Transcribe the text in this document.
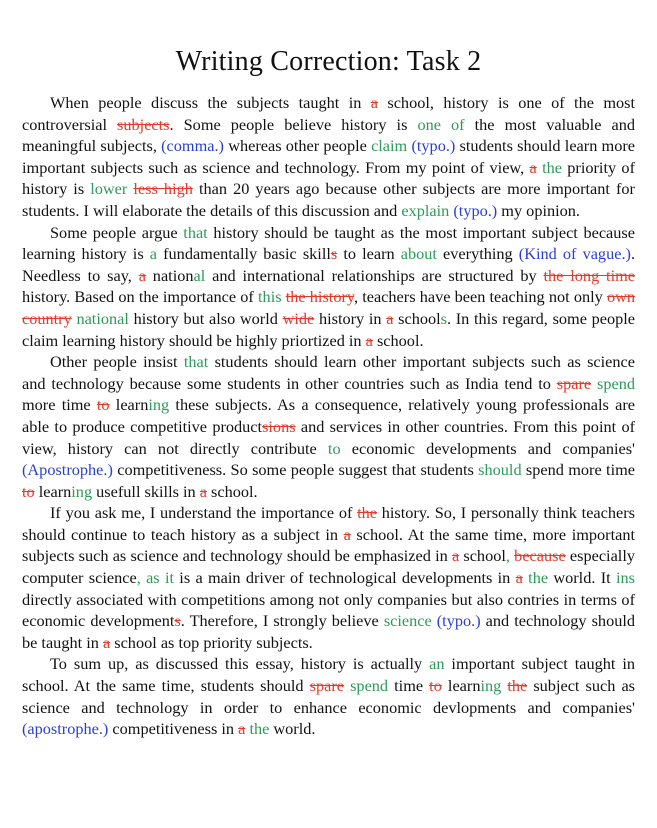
Writing Correction: Task 2

When people discuss the subjects taught in a school, history is one of the most controversial subjects. Some people believe history is one of the most valuable and meaningful subjects, (comma.) whereas other people claim (typo.) students should learn more important subjects such as science and technology. From my point of view, a the priority of history is lower less high than 20 years ago because other subjects are more important for students. I will elaborate the details of this discussion and explain (typo.) my opinion.

Some people argue that history should be taught as the most important subject because learning history is a fundamentally basic skills to learn about everything (Kind of vague.). Needless to say, a national and international relationships are structured by the long time history. Based on the importance of this the history, teachers have been teaching not only own country national history but also world wide history in a schools. In this regard, some people claim learning history should be highly priortized in a school.

Other people insist that students should learn other important subjects such as science and technology because some students in other countries such as India tend to spare spend more time to learning these subjects. As a consequence, relatively young professionals are able to produce competitive productsions and services in other countries. From this point of view, history can not directly contribute to economic developments and companies' (Apostrophe.) competitiveness. So some people suggest that students should spend more time to learning usefull skills in a school.

If you ask me, I understand the importance of the history. So, I personally think teachers should continue to teach history as a subject in a school. At the same time, more important subjects such as science and technology should be emphasized in a school, because especially computer science, as it is a main driver of technological developments in a the world. It ins directly associated with competitions among not only companies but also contries in terms of economic developments. Therefore, I strongly believe science (typo.) and technology should be taught in a school as top priority subjects.

To sum up, as discussed this essay, history is actually an important subject taught in school. At the same time, students should spare spend time to learning the subject such as science and technology in order to enhance economic devlopments and companies' (apostrophe.) competitiveness in a the world.
